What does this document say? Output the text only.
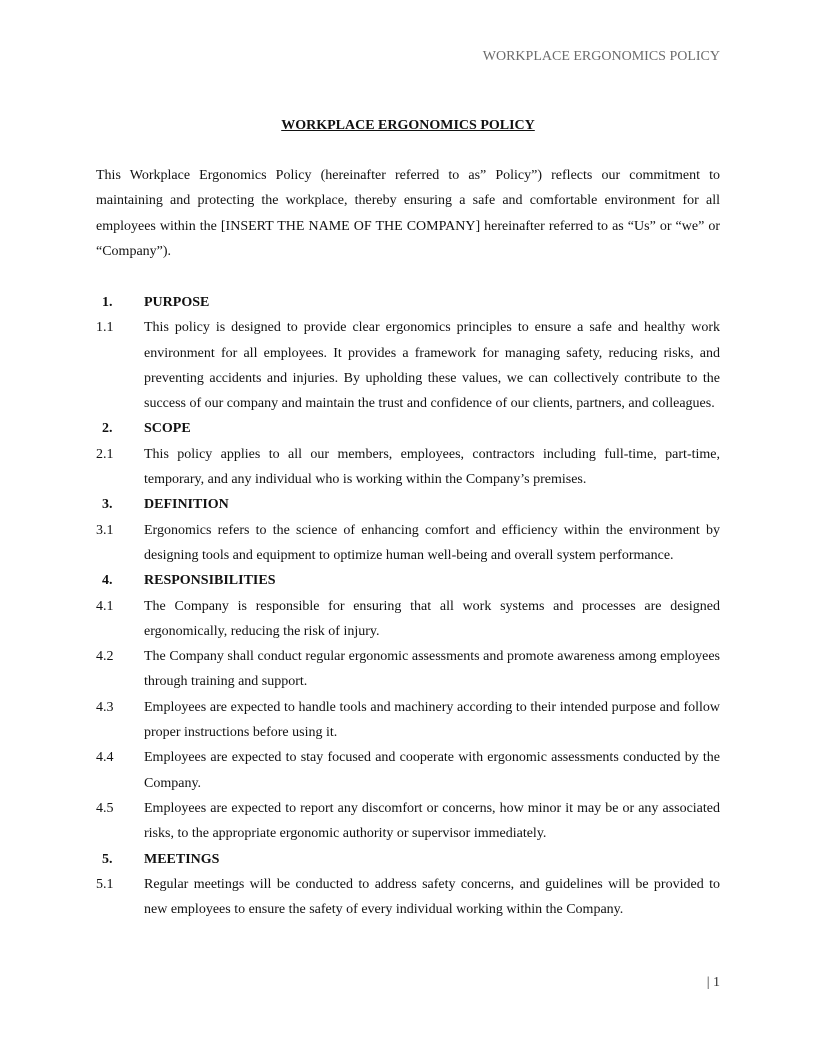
WORKPLACE ERGONOMICS POLICY
WORKPLACE ERGONOMICS POLICY

This Workplace Ergonomics Policy (hereinafter referred to as” Policy”) reflects our commitment to maintaining and protecting the workplace, thereby ensuring a safe and comfortable environment for all employees within the [INSERT THE NAME OF THE COMPANY] hereinafter referred to as “Us” or “we” or “Company”).

1.	PURPOSE
1.1	This policy is designed to provide clear ergonomics principles to ensure a safe and healthy work environment for all employees. It provides a framework for managing safety, reducing risks, and preventing accidents and injuries. By upholding these values, we can collectively contribute to the success of our company and maintain the trust and confidence of our clients, partners, and colleagues.
2.	SCOPE
2.1	This policy applies to all our members, employees, contractors including full-time, part-time, temporary, and any individual who is working within the Company’s premises.
3.	DEFINITION
3.1	Ergonomics refers to the science of enhancing comfort and efficiency within the environment by designing tools and equipment to optimize human well-being and overall system performance.
4.	RESPONSIBILITIES
4.1	The Company is responsible for ensuring that all work systems and processes are designed ergonomically, reducing the risk of injury.
4.2	The Company shall conduct regular ergonomic assessments and promote awareness among employees through training and support.
4.3	Employees are expected to handle tools and machinery according to their intended purpose and follow proper instructions before using it.
4.4	Employees are expected to stay focused and cooperate with ergonomic assessments conducted by the Company.
4.5	Employees are expected to report any discomfort or concerns, how minor it may be or any associated risks, to the appropriate ergonomic authority or supervisor immediately.
5.	MEETINGS
5.1	Regular meetings will be conducted to address safety concerns, and guidelines will be provided to new employees to ensure the safety of every individual working within the Company.
| 1
